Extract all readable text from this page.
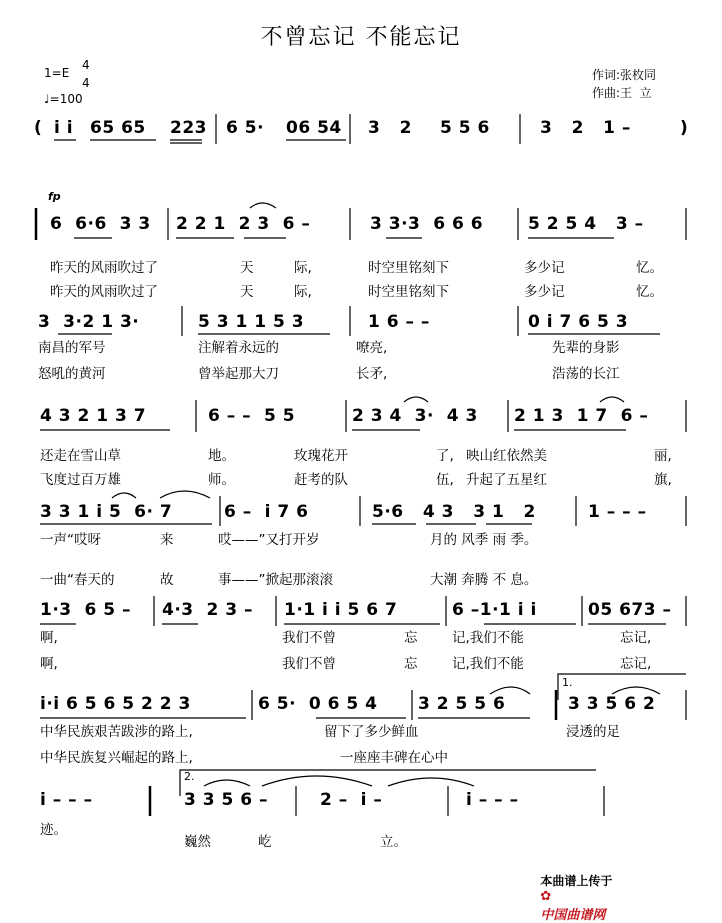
不曾忘记 不能忘记
1=E
4
4
♩=100
作词:张枚同
作曲:王  立
fp
( i i 65 65 223 6 5· 06 54 3   2 5 5 6	3   2   1 –	)
6  6·6  3 3 2 2 1  2 3  6 –	3 3·3  6 6 6	5 2 5 4   3 –
昨天的风雨吹过了	天	际,	时空里铭刻下	多少记	忆。
昨天的风雨吹过了	天	际,	时空里铭刻下	多少记	忆。
3  3·2 1 3·	5 3 1 1 5 3	1 6 – –	0 i 7 6 5 3
南昌的军号	注解着永远的	嘹亮,	先辈的身影
怒吼的黄河	曾举起那大刀	长矛,	浩荡的长江
4 3 2 1 3 7	6 – –  5 5	2 3 4  3·  4 3 2 1 3  1 7  6 –
还走在雪山草	地。	玫瑰花开	了, 映山红依然美	丽,
飞度过百万雄	师。	赶考的队	伍, 升起了五星红	旗,
3 3 1 i 5  6· 7	6 –  i 7 6	5·6   4 3   3 1   2	1 – – –
一声“哎呀	来	哎——”又打开岁	月的 风季 雨 季。
一曲“春天的	故	事——”掀起那滚滚	大潮 奔腾 不 息。
1·3  6 5 – 4·3  2 3 – 1·1 i i 5 6 7	6 –1·1 i i	05 673 –
啊,	我们不曾	忘	记,我们不能	忘记,
啊,	我们不曾	忘	记,我们不能	忘记,
i·i 6 5 6 5 2 2 3	6 5·  0 6 5 4 3 2 5 5 6	3 3 5 6 2
中华民族艰苦跋涉的路上,	留下了多少鲜血	浸透的足
中华民族复兴崛起的路上,	一座座丰碑在心中
i – – –	3 3 5 6 –	2 –  i –	i – – –
迹。
巍然	屹	立。
1.
2.

本曲谱上传于
✿
中国曲谱网
